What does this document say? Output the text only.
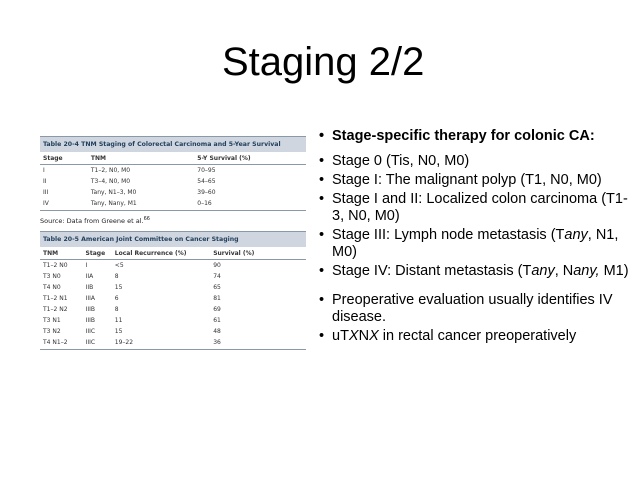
Staging 2/2
Table 20-4 TNM Staging of Colorectal Carcinoma and 5-Year Survival
Stage	TNM	5-Y Survival (%)
I	T1–2, N0, M0	70–95
II	T3–4, N0, M0	54–65
III	Tany, N1–3, M0	39–60
IV	Tany, Nany, M1	0–16
Source: Data from Greene et al.$^{66}$
Table 20-5 American Joint Committee on Cancer Staging
TNM	Stage	Local Recurrence (%)	Survival (%)
T1–2 N0	I	<5	90
T3 N0	IIA	8	74
T4 N0	IIB	15	65
T1–2 N1	IIIA	6	81
T1–2 N2	IIIB	8	69
T3 N1	IIIB	11	61
T3 N2	IIIC	15	48
T4 N1–2	IIIC	19–22	36
• Stage-specific therapy for colonic CA:
• Stage 0 (Tis, N0, M0)
• Stage I: The malignant polyp (T1, N0, M0)
• Stage I and II: Localized colon carcinoma (T1-3, N0, M0)
• Stage III: Lymph node metastasis (Tany, N1, M0)
• Stage IV: Distant metastasis (Tany, Nany, M1)
• Preoperative evaluation usually identifies IV disease.
• uTXNX in rectal cancer preoperatively
